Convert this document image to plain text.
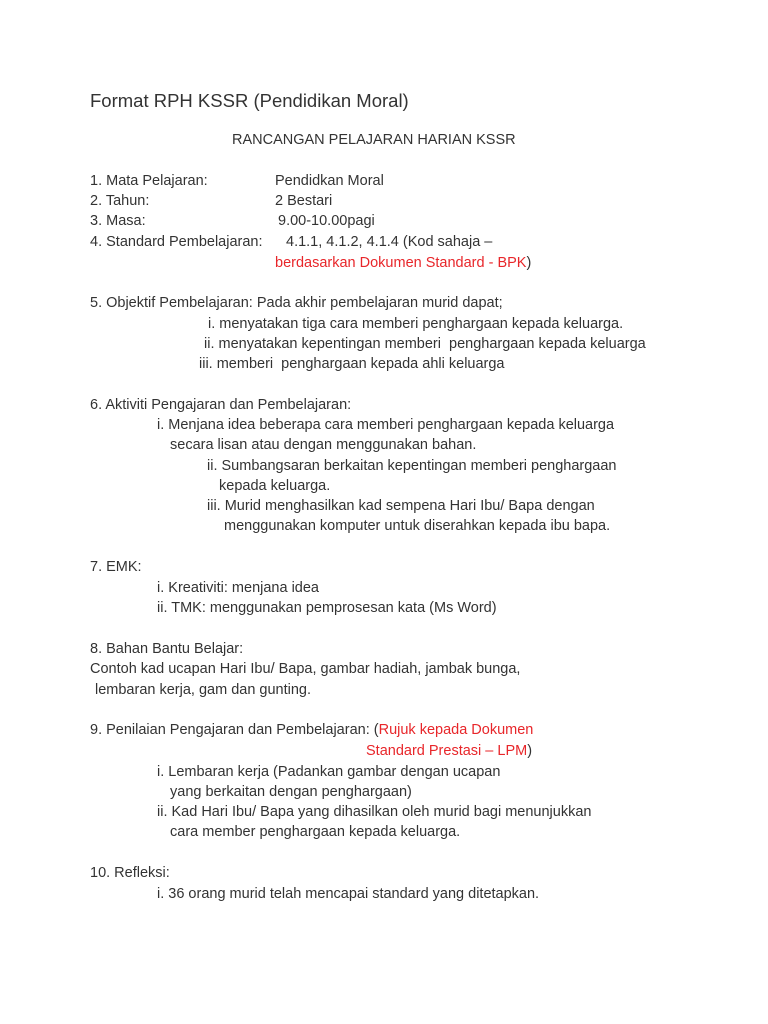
Format RPH KSSR (Pendidikan Moral)
RANCANGAN PELAJARAN HARIAN KSSR
1. Mata Pelajaran:	Pendidkan Moral
2. Tahun:	2 Bestari
3. Masa:	9.00-10.00pagi
4. Standard Pembelajaran: 4.1.1, 4.1.2, 4.1.4 (Kod sahaja –
berdasarkan Dokumen Standard - BPK)
5. Objektif Pembelajaran: Pada akhir pembelajaran murid dapat;
i. menyatakan tiga cara memberi penghargaan kepada keluarga.
ii. menyatakan kepentingan memberi  penghargaan kepada keluarga
iii. memberi  penghargaan kepada ahli keluarga
6. Aktiviti Pengajaran dan Pembelajaran:
i. Menjana idea beberapa cara memberi penghargaan kepada keluarga
secara lisan atau dengan menggunakan bahan.
ii. Sumbangsaran berkaitan kepentingan memberi penghargaan
kepada keluarga.
iii. Murid menghasilkan kad sempena Hari Ibu/ Bapa dengan
menggunakan komputer untuk diserahkan kepada ibu bapa.
7. EMK:
i. Kreativiti: menjana idea
ii. TMK: menggunakan pemprosesan kata (Ms Word)
8. Bahan Bantu Belajar:
Contoh kad ucapan Hari Ibu/ Bapa, gambar hadiah, jambak bunga,
lembaran kerja, gam dan gunting.
9. Penilaian Pengajaran dan Pembelajaran: (Rujuk kepada Dokumen
Standard Prestasi – LPM)
i. Lembaran kerja (Padankan gambar dengan ucapan
yang berkaitan dengan penghargaan)
ii. Kad Hari Ibu/ Bapa yang dihasilkan oleh murid bagi menunjukkan
cara member penghargaan kepada keluarga.
10. Refleksi:
i. 36 orang murid telah mencapai standard yang ditetapkan.
